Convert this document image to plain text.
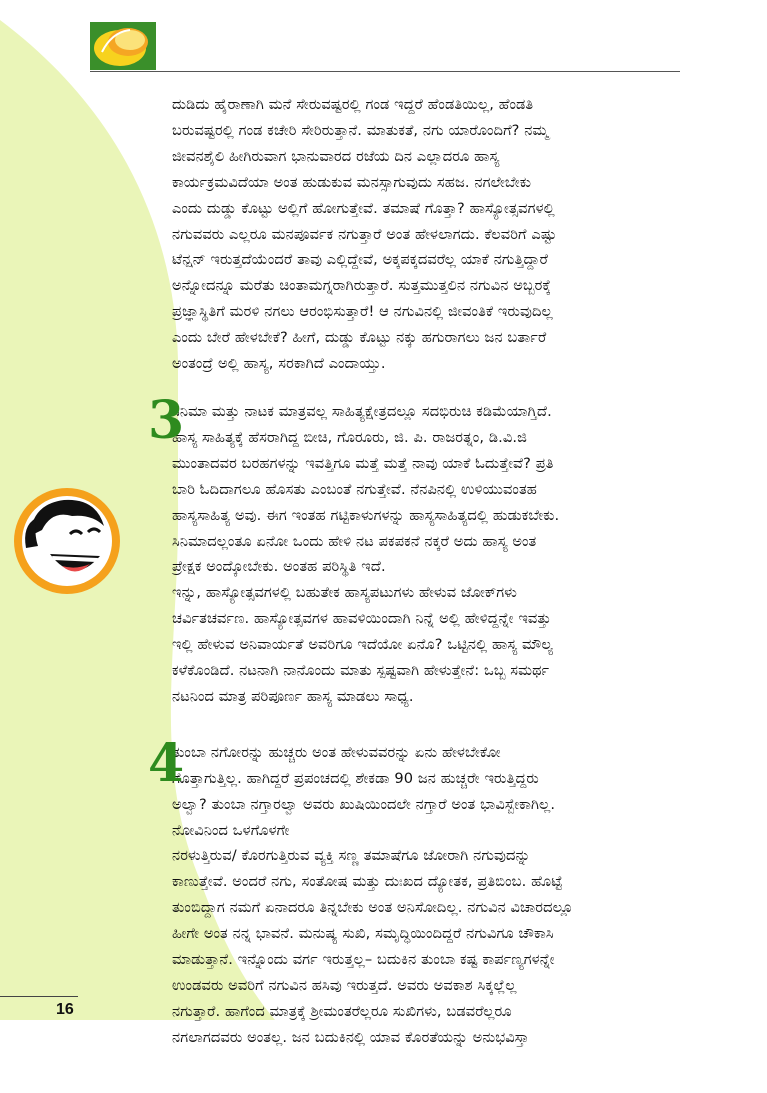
ದುಡಿದು ಹೈರಾಣಾಗಿ ಮನೆ ಸೇರುವಷ್ಟರಲ್ಲಿ ಗಂಡ ಇದ್ದರೆ ಹೆಂಡತಿಯಿಲ್ಲ, ಹೆಂಡತಿ

ಬರುವಷ್ಟರಲ್ಲಿ ಗಂಡ ಕಚೇರಿ ಸೇರಿರುತ್ತಾನೆ. ಮಾತುಕತೆ, ನಗು ಯಾರೊಂದಿಗೆ? ನಮ್ಮ

ಜೀವನಶೈಲಿ ಹೀಗಿರುವಾಗ ಭಾನುವಾರದ ರಜೆಯ ದಿನ ಎಲ್ಲಾದರೂ ಹಾಸ್ಯ

ಕಾರ್ಯಕ್ರಮವಿದೆಯಾ ಅಂತ ಹುಡುಕುವ ಮನಸ್ಸಾಗುವುದು ಸಹಜ. ನಗಲೇಬೇಕು

ಎಂದು ದುಡ್ಡು ಕೊಟ್ಟು ಅಲ್ಲಿಗೆ ಹೋಗುತ್ತೇವೆ. ತಮಾಷೆ ಗೊತ್ತಾ? ಹಾಸ್ಯೋತ್ಸವಗಳಲ್ಲಿ

ನಗುವವರು ಎಲ್ಲರೂ ಮನಪೂರ್ವಕ ನಗುತ್ತಾರೆ ಅಂತ ಹೇಳಲಾಗದು. ಕೆಲವರಿಗೆ ಎಷ್ಟು

ಟೆನ್ಷನ್ ಇರುತ್ತದೆಯೆಂದರೆ ತಾವು ಎಲ್ಲಿದ್ದೇವೆ, ಅಕ್ಕಪಕ್ಕದವರೆಲ್ಲ ಯಾಕೆ ನಗುತ್ತಿದ್ದಾರೆ

ಅನ್ನೋದನ್ನೂ ಮರೆತು ಚಿಂತಾಮಗ್ನರಾಗಿರುತ್ತಾರೆ. ಸುತ್ತಮುತ್ತಲಿನ ನಗುವಿನ ಅಬ್ಬರಕ್ಕೆ

ಪ್ರಜ್ಞಾಸ್ಥಿತಿಗೆ ಮರಳಿ ನಗಲು ಆರಂಭಿಸುತ್ತಾರೆ! ಆ ನಗುವಿನಲ್ಲಿ ಜೀವಂತಿಕೆ ಇರುವುದಿಲ್ಲ

ಎಂದು ಬೇರೆ ಹೇಳಬೇಕೆ? ಹೀಗೆ, ದುಡ್ಡು ಕೊಟ್ಟು ನಕ್ಕು ಹಗುರಾಗಲು ಜನ ಬರ್ತಾರೆ

ಅಂತಂದ್ರೆ ಅಲ್ಲಿ ಹಾಸ್ಯ, ಸರಕಾಗಿದೆ ಎಂದಾಯ್ತು.

3

ಸಿನಿಮಾ ಮತ್ತು ನಾಟಕ ಮಾತ್ರವಲ್ಲ ಸಾಹಿತ್ಯಕ್ಷೇತ್ರದಲ್ಲೂ ಸದಭಿರುಚಿ ಕಡಿಮೆಯಾಗ್ತಿದೆ.

ಹಾಸ್ಯ ಸಾಹಿತ್ಯಕ್ಕೆ ಹೆಸರಾಗಿದ್ದ ಬೀಚಿ, ಗೊರೂರು, ಜಿ. ಪಿ. ರಾಜರತ್ನಂ, ಡಿ.ವಿ.ಜಿ

ಮುಂತಾದವರ ಬರಹಗಳನ್ನು ಇವತ್ತಿಗೂ ಮತ್ತೆ ಮತ್ತೆ ನಾವು ಯಾಕೆ ಓದುತ್ತೇವೆ? ಪ್ರತಿ

ಬಾರಿ ಓದಿದಾಗಲೂ ಹೊಸತು ಎಂಬಂತೆ ನಗುತ್ತೇವೆ. ನೆನಪಿನಲ್ಲಿ ಉಳಿಯುವಂತಹ

ಹಾಸ್ಯಸಾಹಿತ್ಯ ಅವು. ಈಗ ಇಂತಹ ಗಟ್ಟಿಕಾಳುಗಳನ್ನು ಹಾಸ್ಯಸಾಹಿತ್ಯದಲ್ಲಿ ಹುಡುಕಬೇಕು.

ಸಿನಿಮಾದಲ್ಲಂತೂ ಏನೋ ಒಂದು ಹೇಳಿ ನಟ ಪಕಪಕನೆ ನಕ್ಕರೆ ಅದು ಹಾಸ್ಯ ಅಂತ

ಪ್ರೇಕ್ಷಕ ಅಂದ್ಕೋಬೇಕು. ಅಂತಹ ಪರಿಸ್ಥಿತಿ ಇದೆ.

ಇನ್ನು, ಹಾಸ್ಯೋತ್ಸವಗಳಲ್ಲಿ ಬಹುತೇಕ ಹಾಸ್ಯಪಟುಗಳು ಹೇಳುವ ಜೋಕ್‌ಗಳು

ಚರ್ವಿತಚರ್ವಣ. ಹಾಸ್ಯೋತ್ಸವಗಳ ಹಾವಳಿಯಿಂದಾಗಿ ನಿನ್ನೆ ಅಲ್ಲಿ ಹೇಳಿದ್ದನ್ನೇ ಇವತ್ತು

ಇಲ್ಲಿ ಹೇಳುವ ಅನಿವಾರ್ಯತೆ ಅವರಿಗೂ ಇದೆಯೋ ಏನೊ? ಒಟ್ಟಿನಲ್ಲಿ ಹಾಸ್ಯ ಮೌಲ್ಯ

ಕಳೆಕೊಂಡಿದೆ. ನಟನಾಗಿ ನಾನೊಂದು ಮಾತು ಸ್ಪಷ್ಟವಾಗಿ ಹೇಳುತ್ತೇನೆ: ಒಬ್ಬ ಸಮರ್ಥ

ನಟನಿಂದ ಮಾತ್ರ ಪರಿಪೂರ್ಣ ಹಾಸ್ಯ ಮಾಡಲು ಸಾಧ್ಯ.

4

ತುಂಬಾ ನಗೋರನ್ನು ಹುಚ್ಚರು ಅಂತ ಹೇಳುವವರನ್ನು ಏನು ಹೇಳಬೇಕೋ

ಗೊತ್ತಾಗುತ್ತಿಲ್ಲ. ಹಾಗಿದ್ದರೆ ಪ್ರಪಂಚದಲ್ಲಿ ಶೇಕಡಾ 90 ಜನ ಹುಚ್ಚರೇ ಇರುತ್ತಿದ್ದರು

ಅಲ್ವಾ? ತುಂಬಾ ನಗ್ತಾರಲ್ವಾ ಅವರು ಖುಷಿಯಿಂದಲೇ ನಗ್ತಾರೆ ಅಂತ ಭಾವಿಸ್ಬೇಕಾಗಿಲ್ಲ.

ನೋವಿನಿಂದ ಒಳಗೊಳಗೇ

ನರಳುತ್ತಿರುವ/ ಕೊರಗುತ್ತಿರುವ ವ್ಯಕ್ತಿ ಸಣ್ಣ ತಮಾಷೆಗೂ ಜೋರಾಗಿ ನಗುವುದನ್ನು

ಕಾಣುತ್ತೇವೆ. ಅಂದರೆ ನಗು, ಸಂತೋಷ ಮತ್ತು ದುಃಖದ ದ್ಯೋತಕ, ಪ್ರತಿಬಿಂಬ. ಹೊಟ್ಟೆ

ತುಂಬಿದ್ದಾಗ ನಮಗೆ ಏನಾದರೂ ತಿನ್ನಬೇಕು ಅಂತ ಅನಿಸೋದಿಲ್ಲ. ನಗುವಿನ ವಿಚಾರದಲ್ಲೂ

ಹೀಗೇ ಅಂತ ನನ್ನ ಭಾವನೆ. ಮನುಷ್ಯ ಸುಖಿ, ಸಮೃದ್ಧಿಯಿಂದಿದ್ದರೆ ನಗುವಿಗೂ ಚೌಕಾಸಿ

ಮಾಡುತ್ತಾನೆ. ಇನ್ನೊಂದು ವರ್ಗ ಇರುತ್ತಲ್ಲ– ಬದುಕಿನ ತುಂಬಾ ಕಷ್ಟ ಕಾರ್ಪಣ್ಯಗಳನ್ನೇ

ಉಂಡವರು ಅವರಿಗೆ ನಗುವಿನ ಹಸಿವು ಇರುತ್ತದೆ. ಅವರು ಅವಕಾಶ ಸಿಕ್ಕಲ್ಲೆಲ್ಲ

ನಗುತ್ತಾರೆ. ಹಾಗೆಂದ ಮಾತ್ರಕ್ಕೆ ಶ್ರೀಮಂತರೆಲ್ಲರೂ ಸುಖಿಗಳು, ಬಡವರೆಲ್ಲರೂ

ನಗಲಾಗದವರು ಅಂತಲ್ಲ. ಜನ ಬದುಕಿನಲ್ಲಿ ಯಾವ ಕೊರತೆಯನ್ನು ಅನುಭವಿಸ್ತಾ

16
